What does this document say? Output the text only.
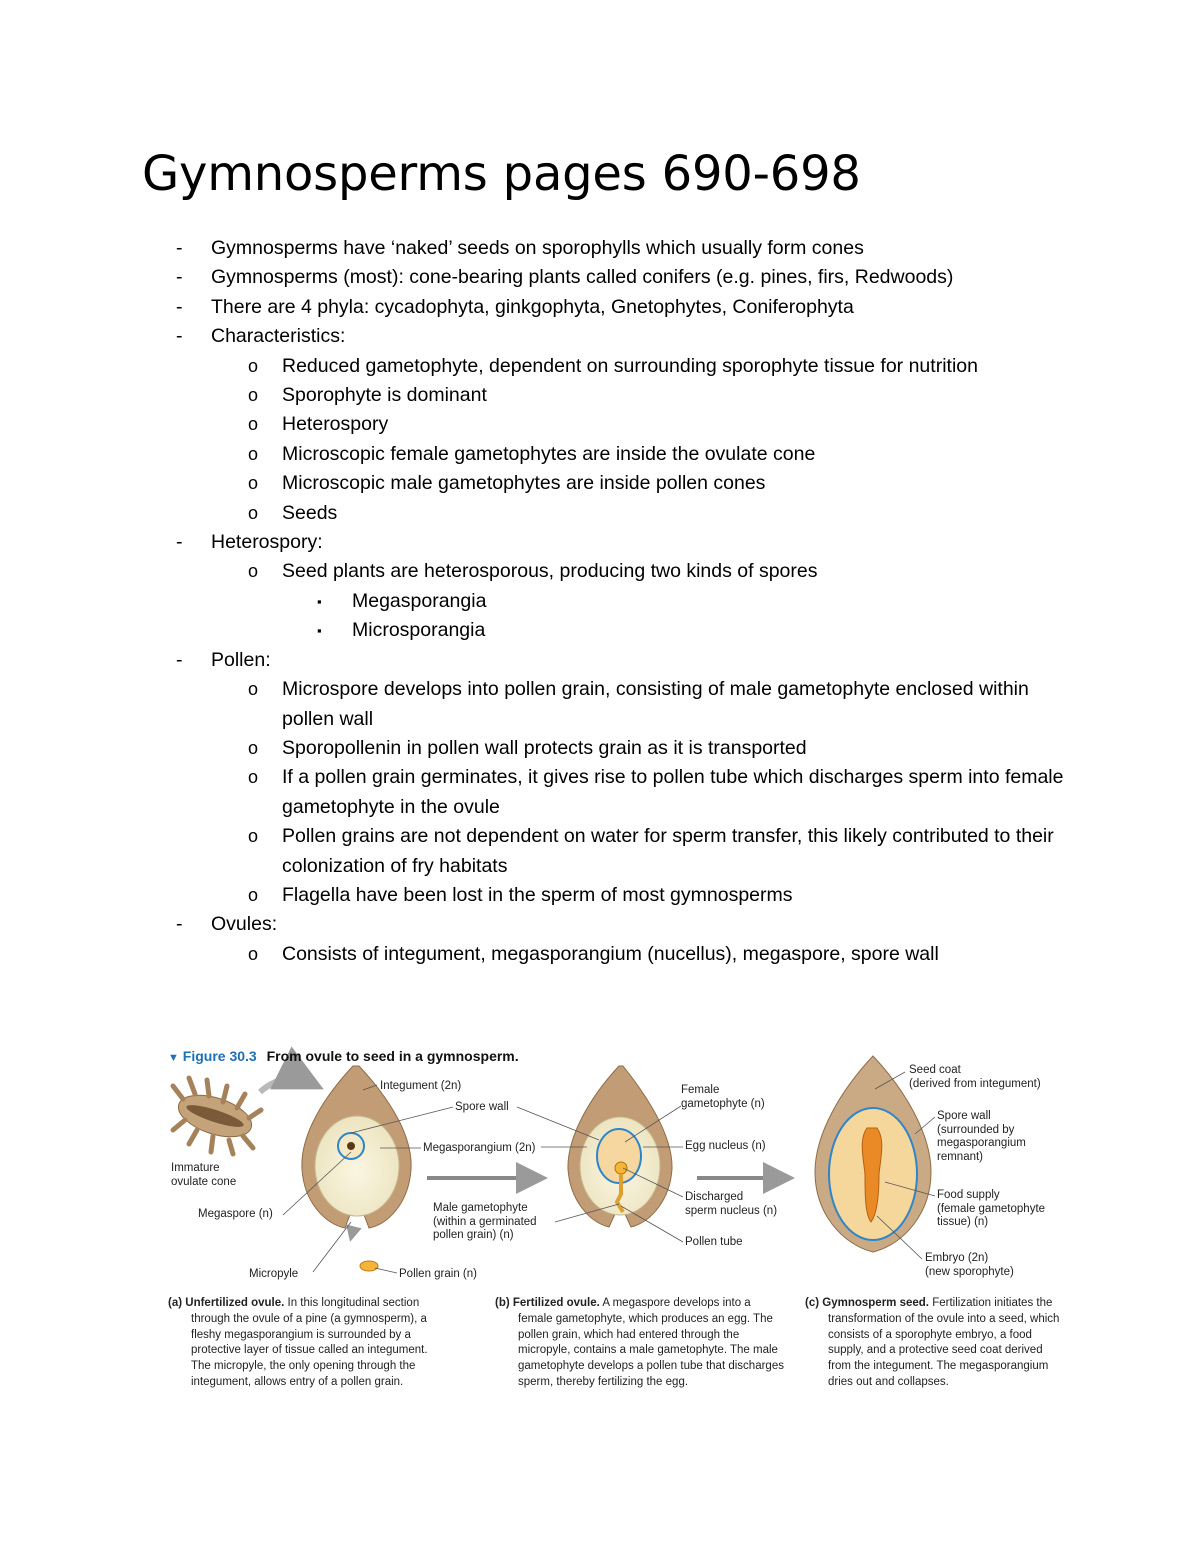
Gymnosperms pages 690-698
- Gymnosperms have ‘naked’ seeds on sporophylls which usually form cones
- Gymnosperms (most): cone-bearing plants called conifers (e.g. pines, firs, Redwoods)
- There are 4 phyla: cycadophyta, ginkgophyta, Gnetophytes, Coniferophyta
- Characteristics:
o Reduced gametophyte, dependent on surrounding sporophyte tissue for nutrition
o Sporophyte is dominant
o Heterospory
o Microscopic female gametophytes are inside the ovulate cone
o Microscopic male gametophytes are inside pollen cones
o Seeds
- Heterospory:
o Seed plants are heterosporous, producing two kinds of spores
▪ Megasporangia
▪ Microsporangia
- Pollen:
o Microspore develops into pollen grain, consisting of male gametophyte enclosed within pollen wall
o Sporopollenin in pollen wall protects grain as it is transported
o If a pollen grain germinates, it gives rise to pollen tube which discharges sperm into female gametophyte in the ovule
o Pollen grains are not dependent on water for sperm transfer, this likely contributed to their colonization of fry habitats
o Flagella have been lost in the sperm of most gymnosperms
- Ovules:
o Consists of integument, megasporangium (nucellus), megaspore, spore wall
▼ Figure 30.3 From ovule to seed in a gymnosperm.
Immature
ovulate cone
Integument (2n)
Spore wall
Megasporangium (2n)
Megaspore (n)
Micropyle	Pollen grain (n)
Male gametophyte
(within a germinated
pollen grain) (n)
Female
gametophyte (n)
Egg nucleus (n)
Discharged
sperm nucleus (n)
Pollen tube
Seed coat
(derived from integument)
Spore wall
(surrounded by
megasporangium
remnant)
Food supply
(female gametophyte
tissue) (n)
Embryo (2n)
(new sporophyte)
(a) Unfertilized ovule. In this longitudinal section through the ovule of a pine (a gymnosperm), a fleshy megasporangium is surrounded by a protective layer of tissue called an integument. The micropyle, the only opening through the integument, allows entry of a pollen grain.
(b) Fertilized ovule. A megaspore develops into a female gametophyte, which produces an egg. The pollen grain, which had entered through the micropyle, contains a male gametophyte. The male gametophyte develops a pollen tube that discharges sperm, thereby fertilizing the egg.
(c) Gymnosperm seed. Fertilization initiates the transformation of the ovule into a seed, which consists of a sporophyte embryo, a food supply, and a protective seed coat derived from the integument. The megasporangium dries out and collapses.
